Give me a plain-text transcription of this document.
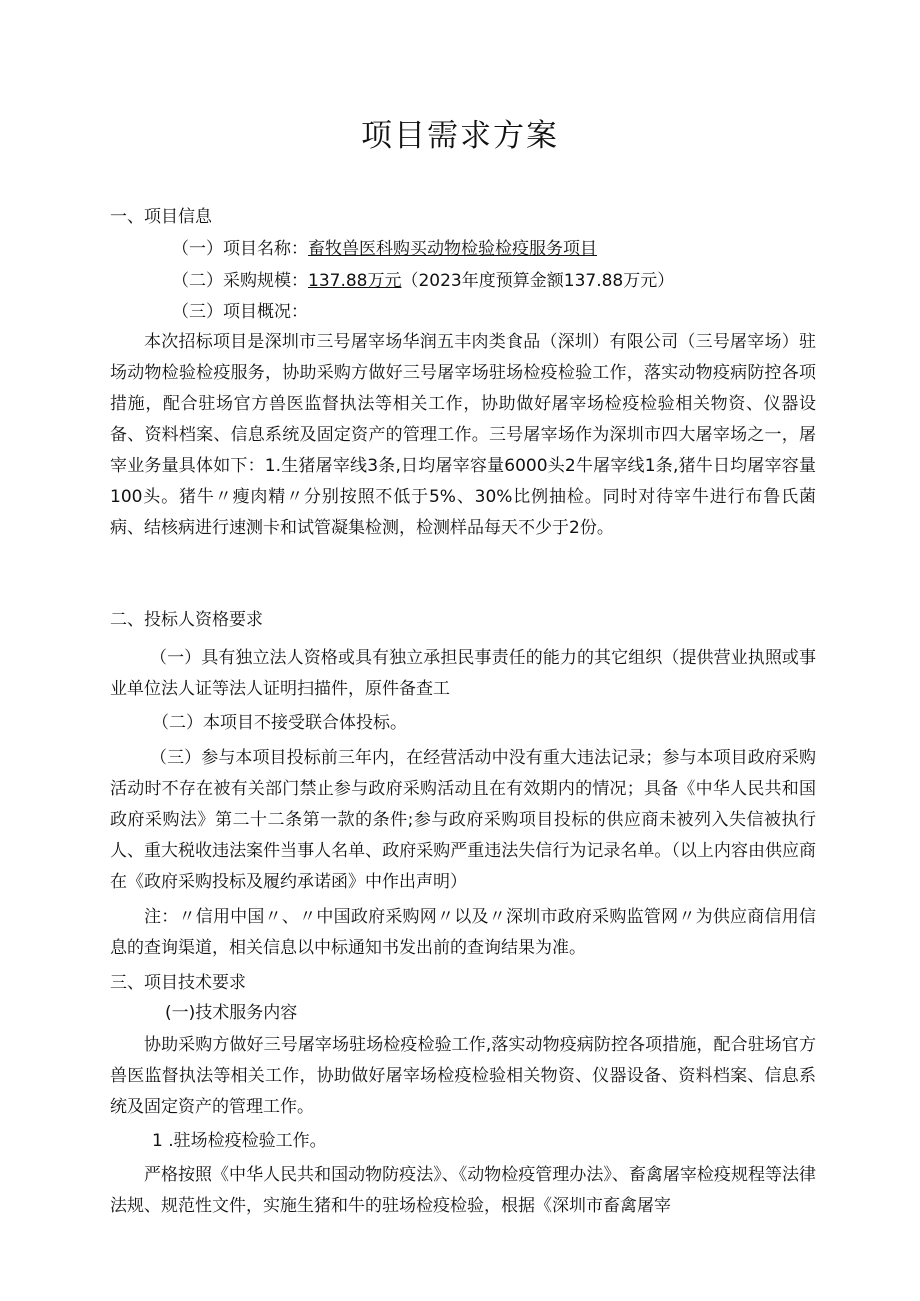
项目需求方案
一、项目信息
（一）项目名称：畜牧兽医科购买动物检验检疫服务项目
（二）采购规模：137.88万元（2023年度预算金额137.88万元）
（三）项目概况：

本次招标项目是深圳市三号屠宰场华润五丰肉类食品（深圳）有限公司（三号屠宰场）驻场动物检验检疫服务，协助采购方做好三号屠宰场驻场检疫检验工作，落实动物疫病防控各项措施，配合驻场官方兽医监督执法等相关工作，协助做好屠宰场检疫检验相关物资、仪器设备、资料档案、信息系统及固定资产的管理工作。三号屠宰场作为深圳市四大屠宰场之一，屠宰业务量具体如下：1.生猪屠宰线3条,日均屠宰容量6000头2牛屠宰线1条,猪牛日均屠宰容量100头。猪牛〃瘦肉精〃分别按照不低于5%、30%比例抽检。同时对待宰牛进行布鲁氏菌病、结核病进行速测卡和试管凝集检测，检测样品每天不少于2份。

二、投标人资格要求

（一）具有独立法人资格或具有独立承担民事责任的能力的其它组织（提供营业执照或事业单位法人证等法人证明扫描件，原件备查工

（二）本项目不接受联合体投标。

（三）参与本项目投标前三年内，在经营活动中没有重大违法记录；参与本项目政府采购活动时不存在被有关部门禁止参与政府采购活动且在有效期内的情况；具备《中华人民共和国政府采购法》第二十二条第一款的条件;参与政府采购项目投标的供应商未被列入失信被执行人、重大税收违法案件当事人名单、政府采购严重违法失信行为记录名单。（以上内容由供应商在《政府采购投标及履约承诺函》中作出声明）

注：〃信用中国〃、〃中国政府采购网〃以及〃深圳市政府采购监管网〃为供应商信用信息的查询渠道，相关信息以中标通知书发出前的查询结果为准。

三、项目技术要求
(一)技术服务内容

协助采购方做好三号屠宰场驻场检疫检验工作,落实动物疫病防控各项措施，配合驻场官方兽医监督执法等相关工作，协助做好屠宰场检疫检验相关物资、仪器设备、资料档案、信息系统及固定资产的管理工作。

1 .驻场检疫检验工作。

严格按照《中华人民共和国动物防疫法》、《动物检疫管理办法》、畜禽屠宰检疫规程等法律法规、规范性文件，实施生猪和牛的驻场检疫检验，根据《深圳市畜禽屠宰
